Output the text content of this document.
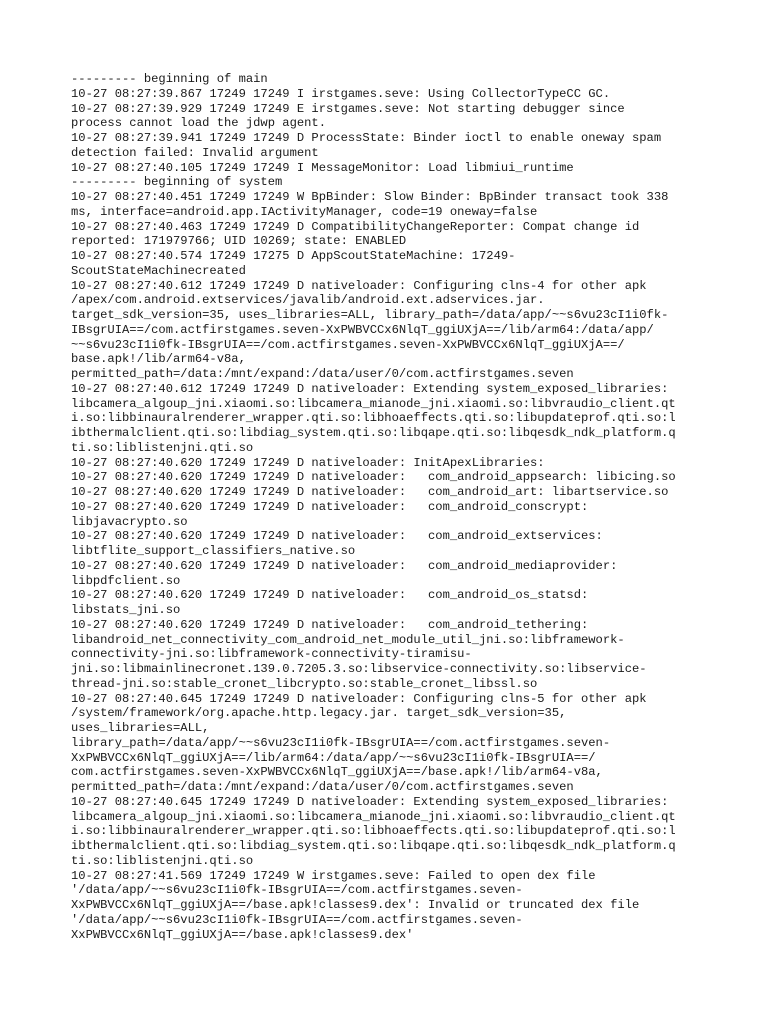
--------- beginning of main
10-27 08:27:39.867 17249 17249 I irstgames.seve: Using CollectorTypeCC GC.
10-27 08:27:39.929 17249 17249 E irstgames.seve: Not starting debugger since
process cannot load the jdwp agent.
10-27 08:27:39.941 17249 17249 D ProcessState: Binder ioctl to enable oneway spam
detection failed: Invalid argument
10-27 08:27:40.105 17249 17249 I MessageMonitor: Load libmiui_runtime
--------- beginning of system
10-27 08:27:40.451 17249 17249 W BpBinder: Slow Binder: BpBinder transact took 338
ms, interface=android.app.IActivityManager, code=19 oneway=false
10-27 08:27:40.463 17249 17249 D CompatibilityChangeReporter: Compat change id
reported: 171979766; UID 10269; state: ENABLED
10-27 08:27:40.574 17249 17275 D AppScoutStateMachine: 17249-
ScoutStateMachinecreated
10-27 08:27:40.612 17249 17249 D nativeloader: Configuring clns-4 for other apk
/apex/com.android.extservices/javalib/android.ext.adservices.jar.
target_sdk_version=35, uses_libraries=ALL, library_path=/data/app/~~s6vu23cI1i0fk-
IBsgrUIA==/com.actfirstgames.seven-XxPWBVCCx6NlqT_ggiUXjA==/lib/arm64:/data/app/
~~s6vu23cI1i0fk-IBsgrUIA==/com.actfirstgames.seven-XxPWBVCCx6NlqT_ggiUXjA==/
base.apk!/lib/arm64-v8a,
permitted_path=/data:/mnt/expand:/data/user/0/com.actfirstgames.seven
10-27 08:27:40.612 17249 17249 D nativeloader: Extending system_exposed_libraries:
libcamera_algoup_jni.xiaomi.so:libcamera_mianode_jni.xiaomi.so:libvraudio_client.qt
i.so:libbinauralrenderer_wrapper.qti.so:libhoaeffects.qti.so:libupdateprof.qti.so:l
ibthermalclient.qti.so:libdiag_system.qti.so:libqape.qti.so:libqesdk_ndk_platform.q
ti.so:liblistenjni.qti.so
10-27 08:27:40.620 17249 17249 D nativeloader: InitApexLibraries:
10-27 08:27:40.620 17249 17249 D nativeloader:   com_android_appsearch: libicing.so
10-27 08:27:40.620 17249 17249 D nativeloader:   com_android_art: libartservice.so
10-27 08:27:40.620 17249 17249 D nativeloader:   com_android_conscrypt:
libjavacrypto.so
10-27 08:27:40.620 17249 17249 D nativeloader:   com_android_extservices:
libtflite_support_classifiers_native.so
10-27 08:27:40.620 17249 17249 D nativeloader:   com_android_mediaprovider:
libpdfclient.so
10-27 08:27:40.620 17249 17249 D nativeloader:   com_android_os_statsd:
libstats_jni.so
10-27 08:27:40.620 17249 17249 D nativeloader:   com_android_tethering:
libandroid_net_connectivity_com_android_net_module_util_jni.so:libframework-
connectivity-jni.so:libframework-connectivity-tiramisu-
jni.so:libmainlinecronet.139.0.7205.3.so:libservice-connectivity.so:libservice-
thread-jni.so:stable_cronet_libcrypto.so:stable_cronet_libssl.so
10-27 08:27:40.645 17249 17249 D nativeloader: Configuring clns-5 for other apk
/system/framework/org.apache.http.legacy.jar. target_sdk_version=35,
uses_libraries=ALL,
library_path=/data/app/~~s6vu23cI1i0fk-IBsgrUIA==/com.actfirstgames.seven-
XxPWBVCCx6NlqT_ggiUXjA==/lib/arm64:/data/app/~~s6vu23cI1i0fk-IBsgrUIA==/
com.actfirstgames.seven-XxPWBVCCx6NlqT_ggiUXjA==/base.apk!/lib/arm64-v8a,
permitted_path=/data:/mnt/expand:/data/user/0/com.actfirstgames.seven
10-27 08:27:40.645 17249 17249 D nativeloader: Extending system_exposed_libraries:
libcamera_algoup_jni.xiaomi.so:libcamera_mianode_jni.xiaomi.so:libvraudio_client.qt
i.so:libbinauralrenderer_wrapper.qti.so:libhoaeffects.qti.so:libupdateprof.qti.so:l
ibthermalclient.qti.so:libdiag_system.qti.so:libqape.qti.so:libqesdk_ndk_platform.q
ti.so:liblistenjni.qti.so
10-27 08:27:41.569 17249 17249 W irstgames.seve: Failed to open dex file
'/data/app/~~s6vu23cI1i0fk-IBsgrUIA==/com.actfirstgames.seven-
XxPWBVCCx6NlqT_ggiUXjA==/base.apk!classes9.dex': Invalid or truncated dex file
'/data/app/~~s6vu23cI1i0fk-IBsgrUIA==/com.actfirstgames.seven-
XxPWBVCCx6NlqT_ggiUXjA==/base.apk!classes9.dex'
